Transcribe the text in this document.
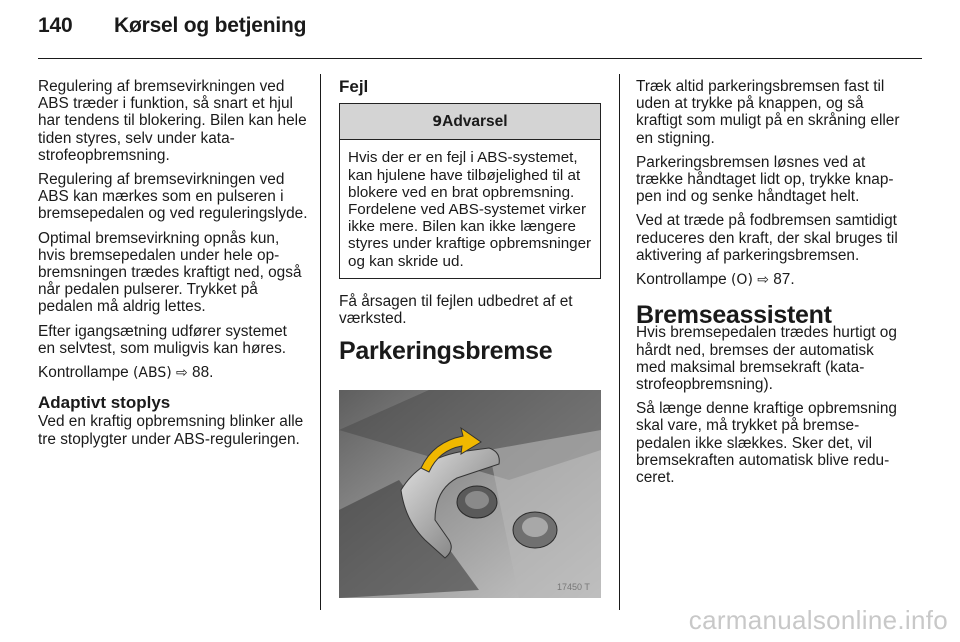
140 Kørsel og betjening

Regulering af bremsevirkningen ved ABS træder i funktion, så snart et hjul har tendens til blokering. Bilen kan hele tiden styres, selv under katastrofeopbremsning.

Regulering af bremsevirkningen ved ABS kan mærkes som en pulseren i bremsepedalen og ved reguleringslyde.

Optimal bremsevirkning opnås kun, hvis bremsepedalen under hele opbremsningen trædes kraftigt ned, også når pedalen pulserer. Trykket på pedalen må aldrig lettes.

Efter igangsætning udfører systemet en selvtest, som muligvis kan høres.

Kontrollampe (ABS) ⇨ 88.

Adaptivt stoplys

Ved en kraftig opbremsning blinker alle tre stoplygter under ABS-reguleringen.

Fejl
9Advarsel
Hvis der er en fejl i ABS-systemet, kan hjulene have tilbøjelighed til at blokere ved en brat opbremsning. Fordelene ved ABS-systemet virker ikke mere. Bilen kan ikke længere styres under kraftige opbremsninger og kan skride ud.

Få årsagen til fejlen udbedret af et værksted.

Parkeringsbremse
17450 T

Træk altid parkeringsbremsen fast til uden at trykke på knappen, og så kraftigt som muligt på en skråning eller en stigning.

Parkeringsbremsen løsnes ved at trække håndtaget lidt op, trykke knappen ind og senke håndtaget helt.

Ved at træde på fodbremsen samtidigt reduceres den kraft, der skal bruges til aktivering af parkeringsbremsen.

Kontrollampe (O) ⇨ 87.

Bremseassistent

Hvis bremsepedalen trædes hurtigt og hårdt ned, bremses der automatisk med maksimal bremsekraft (katastrofeopbremsning).

Så længe denne kraftige opbremsning skal vare, må trykket på bremsepedalen ikke slækkes. Sker det, vil bremsekraften automatisk blive reduceret.

carmanualsonline.info
